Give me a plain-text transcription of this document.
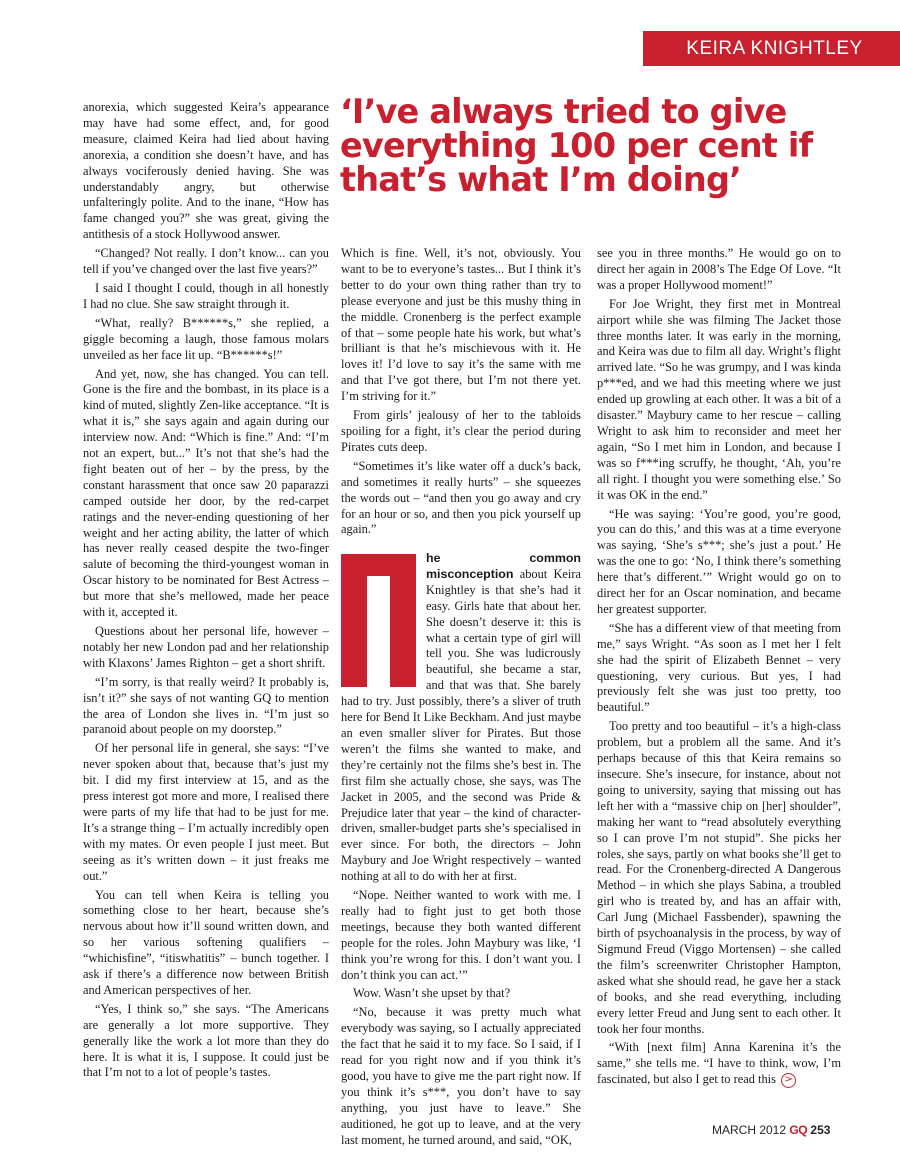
KEIRA KNIGHTLEY

anorexia, which suggested Keira’s appearance may have had some effect, and, for good measure, claimed Keira had lied about having anorexia, a condition she doesn’t have, and has always vociferously denied having. She was understandably angry, but otherwise unfalteringly polite. And to the inane, “How has fame changed you?” she was great, giving the antithesis of a stock Hollywood answer.

“Changed? Not really. I don’t know... can you tell if you’ve changed over the last five years?”

I said I thought I could, though in all honestly I had no clue. She saw straight through it.

“What, really? B******s,” she replied, a giggle becoming a laugh, those famous molars unveiled as her face lit up. “B******s!”

And yet, now, she has changed. You can tell. Gone is the fire and the bombast, in its place is a kind of muted, slightly Zen-like acceptance. “It is what it is,” she says again and again during our interview now. And: “Which is fine.” And: “I’m not an expert, but...” It’s not that she’s had the fight beaten out of her – by the press, by the constant harassment that once saw 20 paparazzi camped outside her door, by the red-carpet ratings and the never-ending questioning of her weight and her acting ability, the latter of which has never really ceased despite the two-finger salute of becoming the third-youngest woman in Oscar history to be nominated for Best Actress – but more that she’s mellowed, made her peace with it, accepted it.

Questions about her personal life, however – notably her new London pad and her relationship with Klaxons’ James Righton – get a short shrift.

“I’m sorry, is that really weird? It probably is, isn’t it?” she says of not wanting GQ to mention the area of London she lives in. “I’m just so paranoid about people on my doorstep.”

Of her personal life in general, she says: “I’ve never spoken about that, because that’s just my bit. I did my first interview at 15, and as the press interest got more and more, I realised there were parts of my life that had to be just for me. It’s a strange thing – I’m actually incredibly open with my mates. Or even people I just meet. But seeing as it’s written down – it just freaks me out.”

You can tell when Keira is telling you something close to her heart, because she’s nervous about how it’ll sound written down, and so her various softening qualifiers – “whichisfine”, “itiswhatitis” – bunch together. I ask if there’s a difference now between British and American perspectives of her.

“Yes, I think so,” she says. “The Americans are generally a lot more supportive. They generally like the work a lot more than they do here. It is what it is, I suppose. It could just be that I’m not to a lot of people’s tastes.

‘I’ve always tried to give everything 100 per cent if that’s what I’m doing’

Which is fine. Well, it’s not, obviously. You want to be to everyone’s tastes... But I think it’s better to do your own thing rather than try to please everyone and just be this mushy thing in the middle. Cronenberg is the perfect example of that – some people hate his work, but what’s brilliant is that he’s mischievous with it. He loves it! I’d love to say it’s the same with me and that I’ve got there, but I’m not there yet. I’m striving for it.”

From girls’ jealousy of her to the tabloids spoiling for a fight, it’s clear the period during Pirates cuts deep.

“Sometimes it’s like water off a duck’s back, and sometimes it really hurts” – she squeezes the words out – “and then you go away and cry for an hour or so, and then you pick yourself up again.”

he common misconception about Keira Knightley is that she’s had it easy. Girls hate that about her. She doesn’t deserve it: this is what a certain type of girl will tell you. She was ludicrously beautiful, she became a star, and that was that. She barely had to try. Just possibly, there’s a sliver of truth here for Bend It Like Beckham. And just maybe an even smaller sliver for Pirates. But those weren’t the films she wanted to make, and they’re certainly not the films she’s best in. The first film she actually chose, she says, was The Jacket in 2005, and the second was Pride & Prejudice later that year – the kind of character-driven, smaller-budget parts she’s specialised in ever since. For both, the directors – John Maybury and Joe Wright respectively – wanted nothing at all to do with her at first.

“Nope. Neither wanted to work with me. I really had to fight just to get both those meetings, because they both wanted different people for the roles. John Maybury was like, ‘I think you’re wrong for this. I don’t want you. I don’t think you can act.’”

Wow. Wasn’t she upset by that?

“No, because it was pretty much what everybody was saying, so I actually appreciated the fact that he said it to my face. So I said, if I read for you right now and if you think it’s good, you have to give me the part right now. If you think it’s s***, you don’t have to say anything, you just have to leave.” She auditioned, he got up to leave, and at the very last moment, he turned around, and said, “OK,

see you in three months.” He would go on to direct her again in 2008’s The Edge Of Love. “It was a proper Hollywood moment!”

For Joe Wright, they first met in Montreal airport while she was filming The Jacket those three months later. It was early in the morning, and Keira was due to film all day. Wright’s flight arrived late. “So he was grumpy, and I was kinda p***ed, and we had this meeting where we just ended up growling at each other. It was a bit of a disaster.” Maybury came to her rescue – calling Wright to ask him to reconsider and meet her again, “So I met him in London, and because I was so f***ing scruffy, he thought, ‘Ah, you’re all right. I thought you were something else.’ So it was OK in the end.”

“He was saying: ‘You’re good, you’re good, you can do this,’ and this was at a time everyone was saying, ‘She’s s***; she’s just a pout.’ He was the one to go: ‘No, I think there’s something here that’s different.’” Wright would go on to direct her for an Oscar nomination, and became her greatest supporter.

“She has a different view of that meeting from me,” says Wright. “As soon as I met her I felt she had the spirit of Elizabeth Bennet – very questioning, very curious. But yes, I had previously felt she was just too pretty, too beautiful.”

Too pretty and too beautiful – it’s a high-class problem, but a problem all the same. And it’s perhaps because of this that Keira remains so insecure. She’s insecure, for instance, about not going to university, saying that missing out has left her with a “massive chip on [her] shoulder”, making her want to “read absolutely everything so I can prove I’m not stupid”. She picks her roles, she says, partly on what books she’ll get to read. For the Cronenberg-directed A Dangerous Method – in which she plays Sabina, a troubled girl who is treated by, and has an affair with, Carl Jung (Michael Fassbender), spawning the birth of psychoanalysis in the process, by way of Sigmund Freud (Viggo Mortensen) – she called the film’s screenwriter Christopher Hampton, asked what she should read, he gave her a stack of books, and she read everything, including every letter Freud and Jung sent to each other. It took her four months.

“With [next film] Anna Karenina it’s the same,” she tells me. “I have to think, wow, I’m fascinated, but also I get to read this >

MARCH 2012 GQ 253
